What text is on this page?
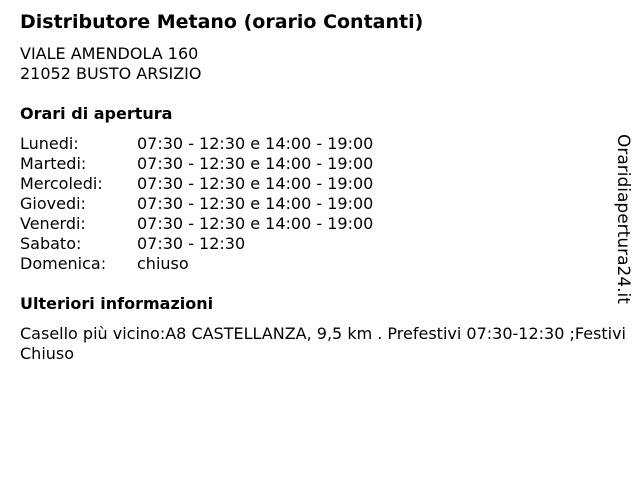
Distributore Metano (orario Contanti)
VIALE AMENDOLA 160
21052 BUSTO ARSIZIO
Orari di apertura
Lunedi:	07:30 - 12:30 e 14:00 - 19:00
Martedi:	07:30 - 12:30 e 14:00 - 19:00
Mercoledi: 07:30 - 12:30 e 14:00 - 19:00
Giovedi:	07:30 - 12:30 e 14:00 - 19:00
Venerdi:	07:30 - 12:30 e 14:00 - 19:00
Sabato:	07:30 - 12:30
Domenica: chiuso
Ulteriori informazioni
Casello più vicino:A8 CASTELLANZA, 9,5 km . Prefestivi 07:30-12:30 ;Festivi Chiuso
Oraridiapertura24.it
